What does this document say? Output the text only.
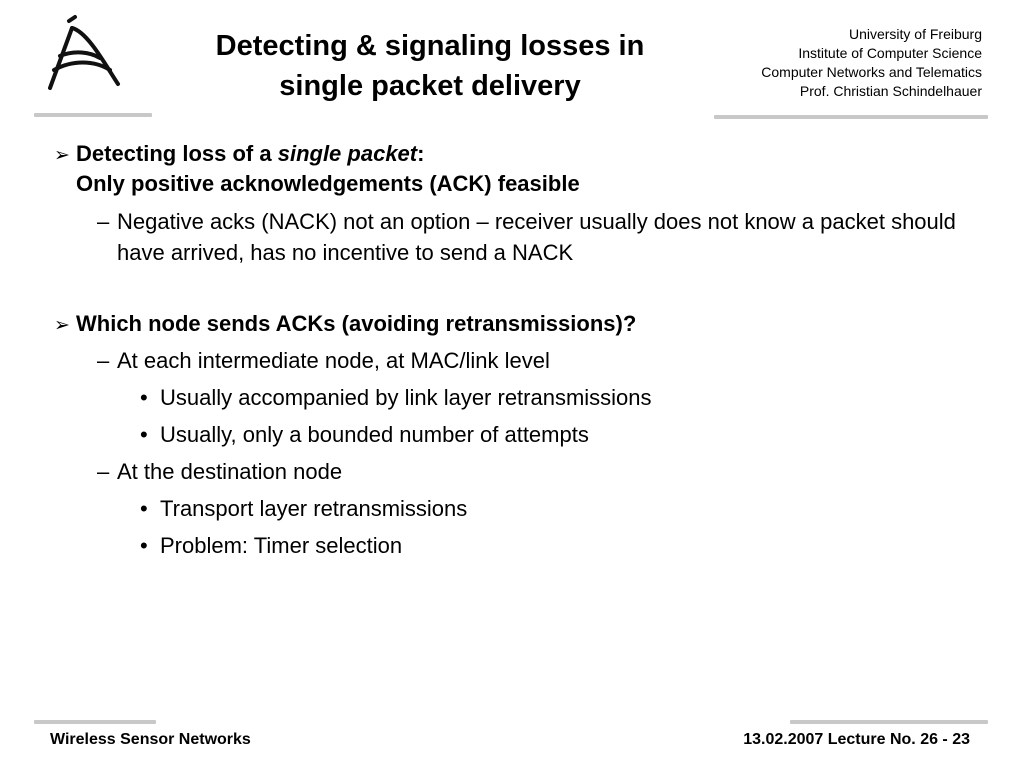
Detecting & signaling losses in
single packet delivery
University of Freiburg
Institute of Computer Science
Computer Networks and Telematics
Prof. Christian Schindelhauer
➢ Detecting loss of a single packet:
Only positive acknowledgements (ACK) feasible
– Negative acks (NACK) not an option – receiver usually does not know a packet should have arrived, has no incentive to send a NACK
➢ Which node sends ACKs (avoiding retransmissions)?
– At each intermediate node, at MAC/link level
• Usually accompanied by link layer retransmissions
• Usually, only a bounded number of attempts
– At the destination node
• Transport layer retransmissions
• Problem: Timer selection
Wireless Sensor Networks	13.02.2007 Lecture No. 26 - 23
